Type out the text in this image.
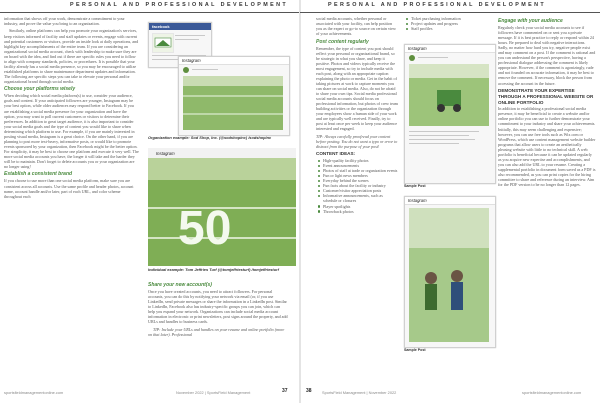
PERSONAL AND PROFESSIONAL DEVELOPMENT

information that shows off your work, demonstrate a commitment to your industry, and prove the value you bring to an organization.

Similarly, online platforms can help you promote your organization's services, keep visitors informed of facility and staff updates or events, engage with current and potential customers or visitors, provide an inside look at daily operations, and highlight key accomplishments of the entire team. If you are considering an organizational social media account, check with leadership to make sure they are on board with the idea, and find out if there are specific rules you need to follow to align with company standards, policies, or procedures. It is possible that your facility already has a social media presence, so you may be encouraged to utilize established platforms to share maintenance department updates and information. The following are specific steps you can take to elevate your personal and/or organizational brand through social media.

Choose your platforms wisely

When deciding which social media platform(s) to use, consider your audience, goals and content. If your anticipated followers are younger, Instagram may be your best option, while older audiences may respond better to Facebook. If you are establishing a social media presence for your organization and have the option, you may want to poll current customers or visitors to determine their preferences. In addition to great target audience, it is also important to consider your social media goals and the type of content you would like to share when determining which platform to use. For example, if you are mainly interested in posting visual media, Instagram is a great choice. On the other hand, if you are planning to post more text-heavy, informative posts, or would like to promote events sponsored by your organization, then Facebook might be the better option. For simplicity, it may be best to choose one platform and execute it very well. The more social media accounts you have, the longer it will take and the harder they will be to maintain. Don't forget to delete accounts you or your organization are no longer using!

Establish a consistent brand

If you choose to use more than one social media platform, make sure you are consistent across all accounts. Use the same profile and header photos, account name, account handle and/or later, part of each URL, and color scheme throughout each

facebook
Instagram
Organization example: Sod Shop, Inc. (@sodshopinc) /sodshopinc
Instagram
50
Individual example: Tom Jeffries Turf (@tomjeffriesturf) /tomjeffriesturf
Share your new account(s)

Once you have created accounts, you need to attract followers. For personal accounts, you can do this by notifying your network via email (or, if you use LinkedIn, send private messages or share the information in a LinkedIn post. Similar to LinkedIn, Facebook also has industry-specific groups you can join, which can help you expand your network. Organizations can include social media account information in electronic or print newsletters, post signs around the property, and add URLs and handles to business cards.

TIP: Include your URLs and handles on your resume and online portfolio (more on that later). Professional

sportsfieldmanagementonline.com	November 2022 | SportsField Management	37
PERSONAL AND PROFESSIONAL DEVELOPMENT

social media accounts, whether personal or associated with your facility, can help position you as the expert or go-to source on certain view of your achievements.

Post content regularly

Remember, the type of content you post should reflect your personal or organizational brand, so be strategic in what you share, and keep it positive. Photos and videos typically receive the most engagement, so try to include media with each post, along with an appropriate caption explaining the photo or media. Get in the habit of taking pictures at work to capture moments you can share on social media. Also, do not be afraid to share your own tips. Social media professional social media accounts should focus on professional information, but photos of crew team building activities or the organization through your employees show a human side of your work and are typically well received. Finally, try to post at least once per week to keep your audience interested and engaged.

TIP: Always carefully proofread your content before posting. You do not want a typo or error to distract from the purpose of your post!

CONTENT IDEAS:
High-quality facility photos
Event announcements
Photos of staff at trade or organization events
Fun or light news members
Everyday behind the scenes
Fun facts about the facility or industry
Customer/visitor appreciation posts
Informative announcements, such as schedule or closures
Player spotlights
Throwback photos
Ticket purchasing information
Project updates and progress
Staff profiles
Instagram
Sample Post
Instagram
Sample Post
Engage with your audience

Regularly check your social media accounts to see if followers have commented on or sent you a private message. If it is best practice to reply or respond within 24 hours. Be prepared to deal with negative interactions. Sadly, no matter how hard you try, negative people exist and may comment on a post. If the comment is rational and you can understand the person's perspective, having a professional dialogue addressing the comment is likely appropriate. However, if the comment is agonizingly, rude and not founded on accurate information, it may be best to remove the comment. If necessary, block the person from accessing the account in the future.

DEMONSTRATE YOUR EXPERTISE THROUGH A PROFESSIONAL WEBSITE OR ONLINE PORTFOLIO

In addition to establishing a professional social media presence, it may be beneficial to create a website and/or online portfolio you can use to further demonstrate your commitment to your industry and share your achievements. Initially, this may seem challenging and expensive; however, you can use free tools such as Wix.com or WordPress, which use content management website builder programs that allow users to create an aesthetically pleasing website with little to no technical skill. A web portfolio is beneficial because it can be updated regularly as you acquire new expertise and accomplishments, and you can also add the URL to your resume. Creating a supplemental portfolio in document form saved as a PDF is also recommended, as you can print copies for the hiring committee to share and reference during an interview. Aim for the PDF version to be no longer than 12 pages.

38	SportsField Management | November 2022	sportsfieldmanagementonline.com
